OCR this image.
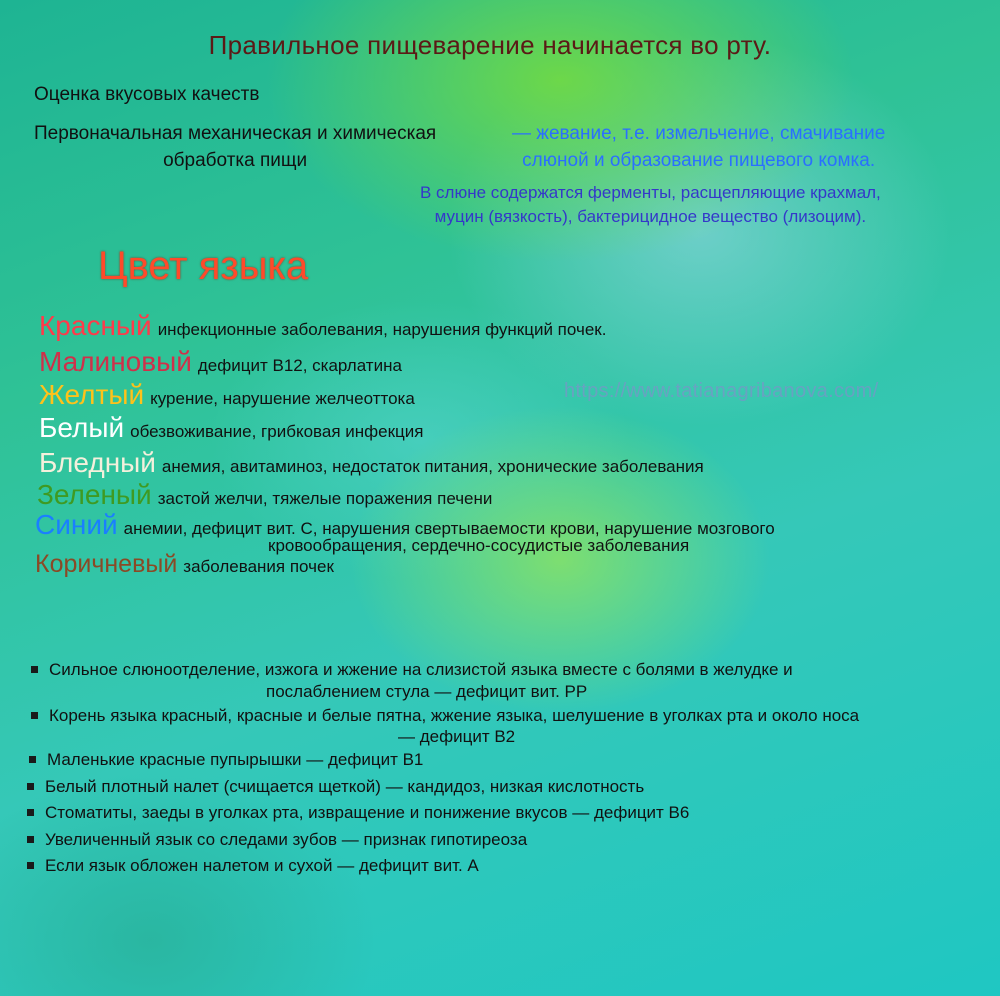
Правильное пищеварение начинается во рту.
Оценка вкусовых качеств
Первоначальная механическая и химическая
обработка пищи
— жевание, т.е. измельчение, смачивание
слюной и образование пищевого комка.
В слюне содержатся ферменты, расщепляющие крахмал,
муцин (вязкость), бактерицидное вещество (лизоцим).
Цвет языка
https://www.tatianagribanova.com/
Красный инфекционные заболевания, нарушения функций почек.
Малиновый дефицит B12, скарлатина
Желтый курение, нарушение желчеоттока
Белый обезвоживание, грибковая инфекция
Бледный анемия, авитаминоз, недостаток питания, хронические заболевания
Зеленый застой желчи, тяжелые поражения печени
Синий анемии, дефицит вит. С, нарушения свертываемости крови, нарушение мозгового
кровообращения, сердечно-сосудистые заболевания
Коричневый заболевания почек
Сильное слюноотделение, изжога и жжение на слизистой языка вместе с болями в желудке и
послаблением стула — дефицит вит. РР
Корень языка красный, красные и белые пятна, жжение языка, шелушение в уголках рта и около носа
— дефицит B2
Маленькие красные пупырышки — дефицит B1
Белый плотный налет (счищается щеткой) — кандидоз, низкая кислотность
Стоматиты, заеды в уголках рта, извращение и понижение вкусов — дефицит B6
Увеличенный язык со следами зубов — признак гипотиреоза
Если язык обложен налетом и сухой — дефицит вит. А
